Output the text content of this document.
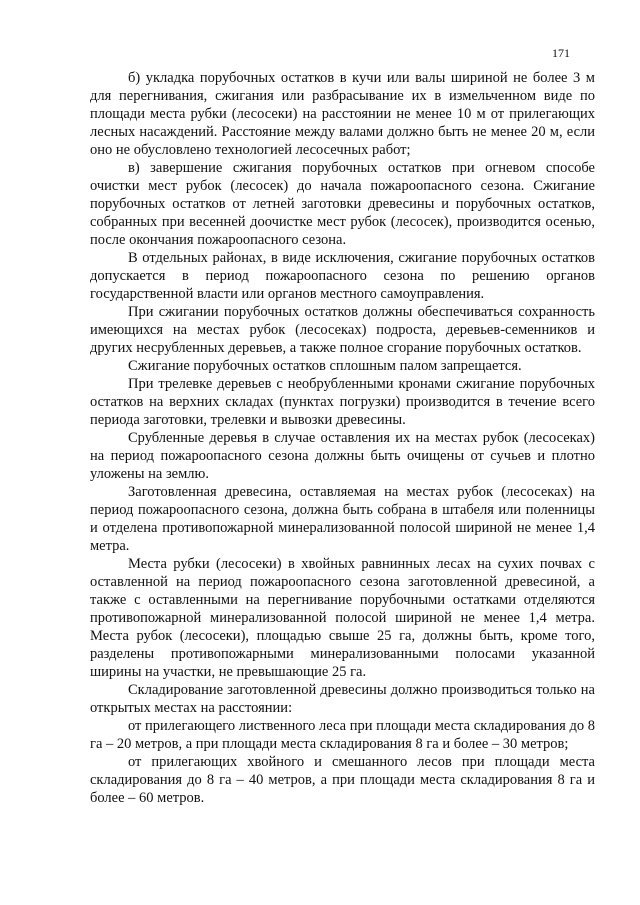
171

б) укладка порубочных остатков в кучи или валы шириной не более 3 м для перегнивания, сжигания или разбрасывание их в измельченном виде по площади места рубки (лесосеки) на расстоянии не менее 10 м от прилегающих лесных насаждений. Расстояние между валами должно быть не менее 20 м, если оно не обусловлено технологией лесосечных работ;

в) завершение сжигания порубочных остатков при огневом способе очистки мест рубок (лесосек) до начала пожароопасного сезона. Сжигание порубочных остатков от летней заготовки древесины и порубочных остатков, собранных при весенней доочистке мест рубок (лесосек), производится осенью, после окончания пожароопасного сезона.

В отдельных районах, в виде исключения, сжигание порубочных остатков допускается в период пожароопасного сезона по решению органов государственной власти или органов местного самоуправления.

При сжигании порубочных остатков должны обеспечиваться сохранность имеющихся на местах рубок (лесосеках) подроста, деревьев-семенников и других несрубленных деревьев, а также полное сгорание порубочных остатков.

Сжигание порубочных остатков сплошным палом запрещается.

При трелевке деревьев с необрубленными кронами сжигание порубочных остатков на верхних складах (пунктах погрузки) производится в течение всего периода заготовки, трелевки и вывозки древесины.

Срубленные деревья в случае оставления их на местах рубок (лесосеках) на период пожароопасного сезона должны быть очищены от сучьев и плотно уложены на землю.

Заготовленная древесина, оставляемая на местах рубок (лесосеках) на период пожароопасного сезона, должна быть собрана в штабеля или поленницы и отделена противопожарной минерализованной полосой шириной не менее 1,4 метра.

Места рубки (лесосеки) в хвойных равнинных лесах на сухих почвах с оставленной на период пожароопасного сезона заготовленной древесиной, а также с оставленными на перегнивание порубочными остатками отделяются противопожарной минерализованной полосой шириной не менее 1,4 метра. Места рубок (лесосеки), площадью свыше 25 га, должны быть, кроме того, разделены противопожарными минерализованными полосами указанной ширины на участки, не превышающие 25 га.

Складирование заготовленной древесины должно производиться только на открытых местах на расстоянии:

от прилегающего лиственного леса при площади места складирования до 8 га – 20 метров, а при площади места складирования 8 га и более – 30 метров;

от прилегающих хвойного и смешанного лесов при площади места складирования до 8 га – 40 метров, а при площади места складирования 8 га и более – 60 метров.
